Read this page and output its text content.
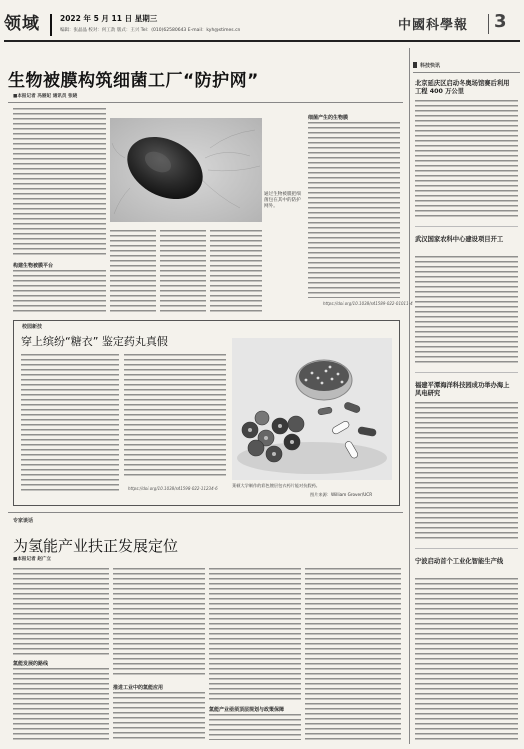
领域	2022 年 5 月 11 日 星期三
编辑：张晶晶 校对：何工劼 版式：王兴 Tel：(010)62580643 E-mail：kyh@stimes.cn	中國科學報 3
生物被膜构筑细菌工厂“防护网”
■本报记者 冯丽妃 通讯员 张晓
构建生物被膜平台
通过生物被膜把细菌包在其中的防护网外。
细菌产生的生物膜
https://doi.org/10.1038/s41589-022-01011-4
校园新技
穿上缤纷“糖衣” 鉴定药丸真假
https://doi.org/10.1038/s41598-022-11234-6
莱顿大学制作的彩色镀层包衣药片能对抗假药。
图片来源：William Grover/UCR
专家谈话
为氢能产业扶正发展定位
■本报记者 赵广立
氢能发展的路线
推进工业中的氢能应用
氢能产业亟须顶层规划与政策保障
科技快讯
北京延庆区启动冬奥场馆赛后利用工程 400 万公里
武汉国家农科中心建设项目开工
福建平潭海洋科技园成功举办海上风电研究
宁波启动首个工业化智能生产线
